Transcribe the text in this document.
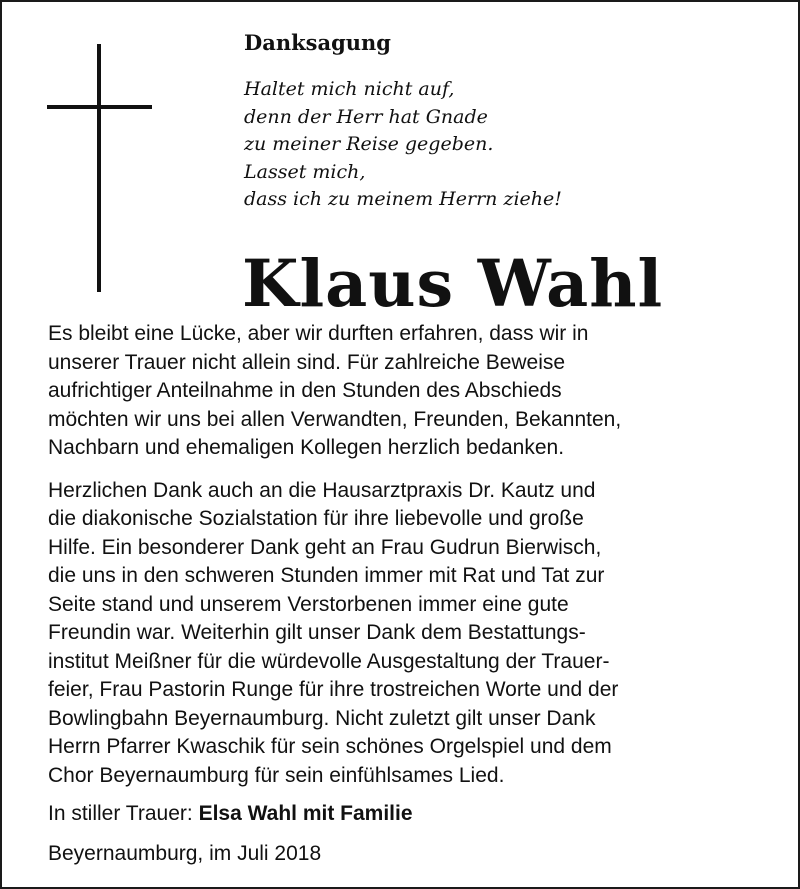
Danksagung
Haltet mich nicht auf,
denn der Herr hat Gnade
zu meiner Reise gegeben.
Lasset mich,
dass ich zu meinem Herrn ziehe!
Klaus Wahl
Es bleibt eine Lücke, aber wir durften erfahren, dass wir in
unserer Trauer nicht allein sind. Für zahlreiche Beweise
aufrichtiger Anteilnahme in den Stunden des Abschieds
möchten wir uns bei allen Verwandten, Freunden, Bekannten,
Nachbarn und ehemaligen Kollegen herzlich bedanken.
Herzlichen Dank auch an die Hausarztpraxis Dr. Kautz und
die diakonische Sozialstation für ihre liebevolle und große
Hilfe. Ein besonderer Dank geht an Frau Gudrun Bierwisch,
die uns in den schweren Stunden immer mit Rat und Tat zur
Seite stand und unserem Verstorbenen immer eine gute
Freundin war. Weiterhin gilt unser Dank dem Bestattungs-
institut Meißner für die würdevolle Ausgestaltung der Trauer-
feier, Frau Pastorin Runge für ihre trostreichen Worte und der
Bowlingbahn Beyernaumburg. Nicht zuletzt gilt unser Dank
Herrn Pfarrer Kwaschik für sein schönes Orgelspiel und dem
Chor Beyernaumburg für sein einfühlsames Lied.
In stiller Trauer: Elsa Wahl mit Familie
Beyernaumburg, im Juli 2018
